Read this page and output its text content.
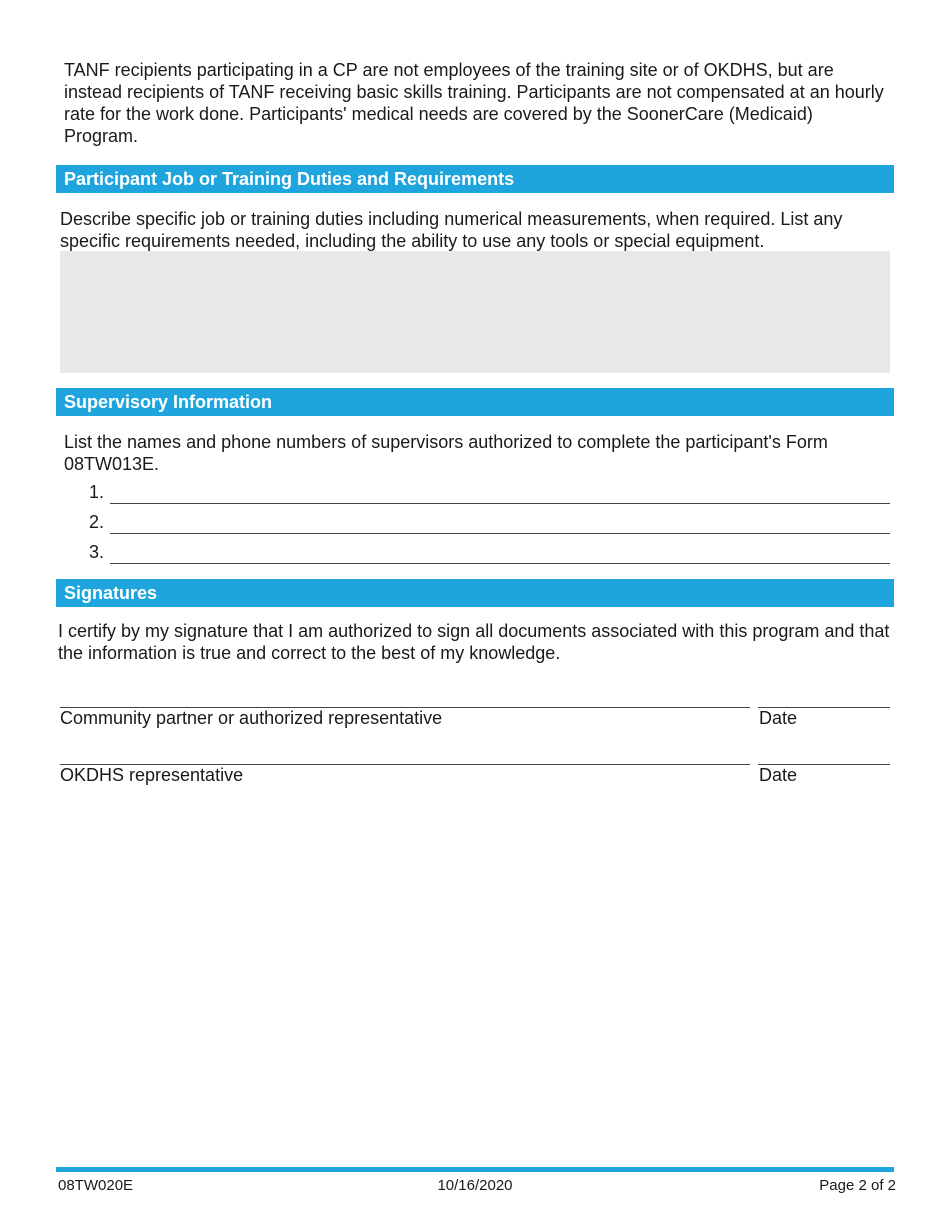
TANF recipients participating in a CP are not employees of the training site or of OKDHS, but are instead recipients of TANF receiving basic skills training. Participants are not compensated at an hourly rate for the work done. Participants' medical needs are covered by the SoonerCare (Medicaid) Program.
Participant Job or Training Duties and Requirements
Describe specific job or training duties including numerical measurements, when required. List any specific requirements needed, including the ability to use any tools or special equipment.
Supervisory Information
List the names and phone numbers of supervisors authorized to complete the participant's Form 08TW013E.
1.
2.
3.
Signatures
I certify by my signature that I am authorized to sign all documents associated with this program and that the information is true and correct to the best of my knowledge.
Community partner or authorized representative	Date
OKDHS representative	Date
08TW020E	10/16/2020	Page 2 of 2
